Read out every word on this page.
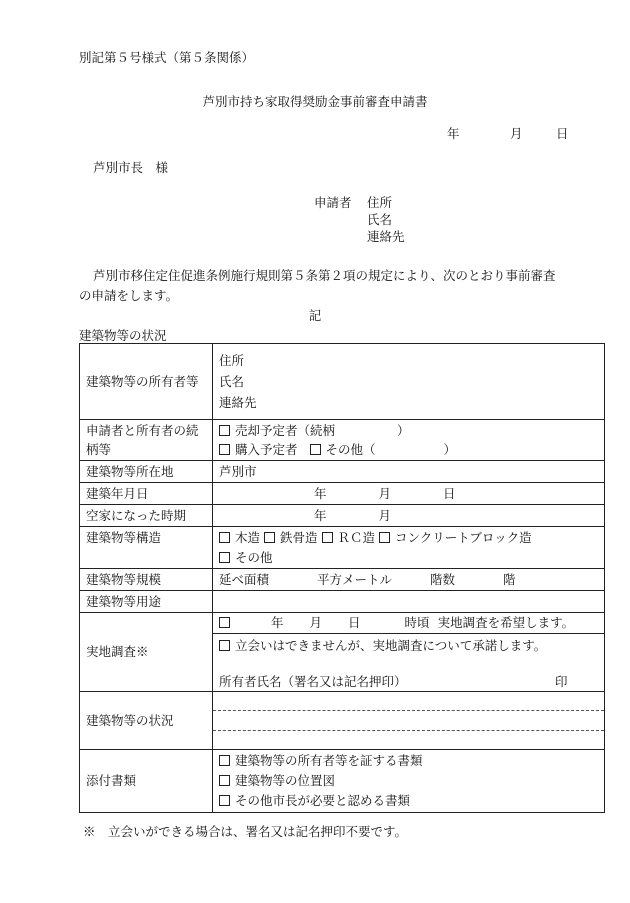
別記第５号様式（第５条関係）
芦別市持ち家取得奨励金事前審査申請書
年	月	日
芦別市長　様
申請者 住所
氏名
連絡先
芦別市移住定住促進条例施行規則第５条第２項の規定により、次のとおり事前審査
の申請をします。
記
建築物等の状況
建築物等の所有者等	住所
氏名
連絡先

申請者と所有者の続
柄等	売却予定者（続柄 ）
購入予定者 その他（ ）

建築物等所在地	芦別市
建築年月日	年 月 日
空家になった時期	年 月
建築物等構造	木造 鉄骨造 ＲＣ造 コンクリートブロック造
その他

建築物等規模	延べ面積 平方メートル 階数 階
建築物等用途	
実地調査※	年 月 日 時頃 実地調査を希望します。

	立会いはできませんが、実地調査について承諾します。
所有者氏名（署名又は記名押印） 印

建築物等の状況	

添付書類	建築物等の所有者等を証する書類
建築物等の位置図
その他市長が必要と認める書類
※　立会いができる場合は、署名又は記名押印不要です。
